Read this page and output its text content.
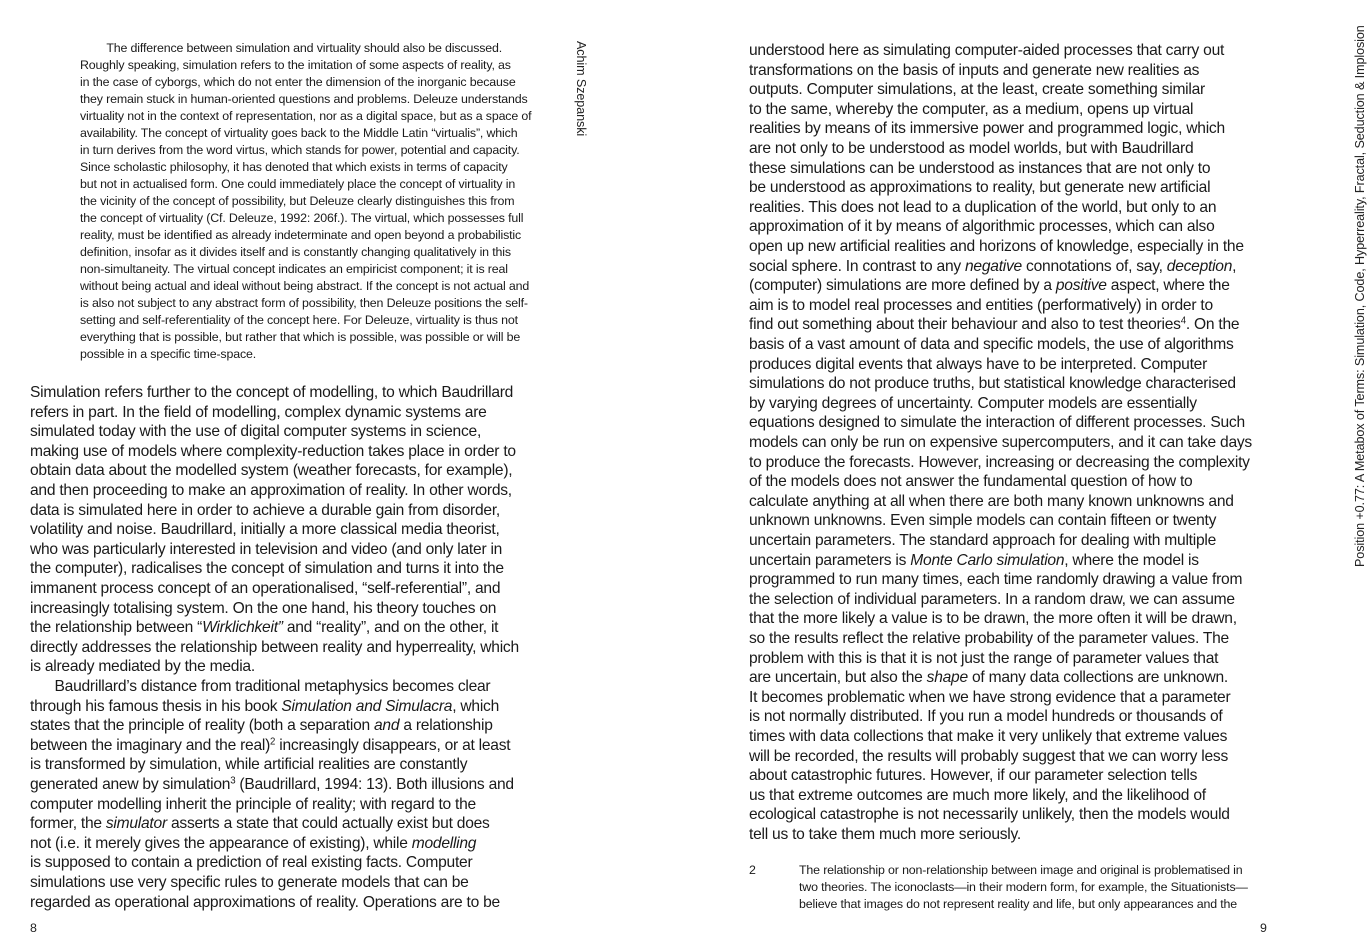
Achim Szepanski
The difference between simulation and virtuality should also be discussed.
Roughly speaking, simulation refers to the imitation of some aspects of reality, as
in the case of cyborgs, which do not enter the dimension of the inorganic because
they remain stuck in human-oriented questions and problems. Deleuze understands
virtuality not in the context of representation, nor as a digital space, but as a space of
availability. The concept of virtuality goes back to the Middle Latin “virtualis”, which
in turn derives from the word virtus, which stands for power, potential and capacity.
Since scholastic philosophy, it has denoted that which exists in terms of capacity
but not in actualised form. One could immediately place the concept of virtuality in
the vicinity of the concept of possibility, but Deleuze clearly distinguishes this from
the concept of virtuality (Cf. Deleuze, 1992: 206f.). The virtual, which possesses full
reality, must be identified as already indeterminate and open beyond a probabilistic
definition, insofar as it divides itself and is constantly changing qualitatively in this
non-simultaneity. The virtual concept indicates an empiricist component; it is real
without being actual and ideal without being abstract. If the concept is not actual and
is also not subject to any abstract form of possibility, then Deleuze positions the self-
setting and self-referentiality of the concept here. For Deleuze, virtuality is thus not
everything that is possible, but rather that which is possible, was possible or will be
possible in a specific time-space.
Simulation refers further to the concept of modelling, to which Baudrillard
refers in part. In the field of modelling, complex dynamic systems are
simulated today with the use of digital computer systems in science,
making use of models where complexity-reduction takes place in order to
obtain data about the modelled system (weather forecasts, for example),
and then proceeding to make an approximation of reality. In other words,
data is simulated here in order to achieve a durable gain from disorder,
volatility and noise. Baudrillard, initially a more classical media theorist,
who was particularly interested in television and video (and only later in
the computer), radicalises the concept of simulation and turns it into the
immanent process concept of an operationalised, “self-referential”, and
increasingly totalising system. On the one hand, his theory touches on
the relationship between “Wirklichkeit” and “reality”, and on the other, it
directly addresses the relationship between reality and hyperreality, which
is already mediated by the media.
Baudrillard’s distance from traditional metaphysics becomes clear
through his famous thesis in his book Simulation and Simulacra, which
states that the principle of reality (both a separation and a relationship
between the imaginary and the real)$^2$ increasingly disappears, or at least
is transformed by simulation, while artificial realities are constantly
generated anew by simulation$^3$ (Baudrillard, 1994: 13). Both illusions and
computer modelling inherit the principle of reality; with regard to the
former, the simulator asserts a state that could actually exist but does
not (i.e. it merely gives the appearance of existing), while modelling
is supposed to contain a prediction of real existing facts. Computer
simulations use very specific rules to generate models that can be
regarded as operational approximations of reality. Operations are to be
8
Position +0.77: A Metabox of Terms: Simulation, Code, Hyperreality, Fractal, Seduction & Implosion
understood here as simulating computer-aided processes that carry out
transformations on the basis of inputs and generate new realities as
outputs. Computer simulations, at the least, create something similar
to the same, whereby the computer, as a medium, opens up virtual
realities by means of its immersive power and programmed logic, which
are not only to be understood as model worlds, but with Baudrillard
these simulations can be understood as instances that are not only to
be understood as approximations to reality, but generate new artificial
realities. This does not lead to a duplication of the world, but only to an
approximation of it by means of algorithmic processes, which can also
open up new artificial realities and horizons of knowledge, especially in the
social sphere. In contrast to any negative connotations of, say, deception,
(computer) simulations are more defined by a positive aspect, where the
aim is to model real processes and entities (performatively) in order to
find out something about their behaviour and also to test theories$^4$. On the
basis of a vast amount of data and specific models, the use of algorithms
produces digital events that always have to be interpreted. Computer
simulations do not produce truths, but statistical knowledge characterised
by varying degrees of uncertainty. Computer models are essentially
equations designed to simulate the interaction of different processes. Such
models can only be run on expensive supercomputers, and it can take days
to produce the forecasts. However, increasing or decreasing the complexity
of the models does not answer the fundamental question of how to
calculate anything at all when there are both many known unknowns and
unknown unknowns. Even simple models can contain fifteen or twenty
uncertain parameters. The standard approach for dealing with multiple
uncertain parameters is Monte Carlo simulation, where the model is
programmed to run many times, each time randomly drawing a value from
the selection of individual parameters. In a random draw, we can assume
that the more likely a value is to be drawn, the more often it will be drawn,
so the results reflect the relative probability of the parameter values. The
problem with this is that it is not just the range of parameter values that
are uncertain, but also the shape of many data collections are unknown.
It becomes problematic when we have strong evidence that a parameter
is not normally distributed. If you run a model hundreds or thousands of
times with data collections that make it very unlikely that extreme values
will be recorded, the results will probably suggest that we can worry less
about catastrophic futures. However, if our parameter selection tells
us that extreme outcomes are much more likely, and the likelihood of
ecological catastrophe is not necessarily unlikely, then the models would
tell us to take them much more seriously.
2	The relationship or non-relationship between image and original is problematised in
two theories. The iconoclasts—in their modern form, for example, the Situationists—
believe that images do not represent reality and life, but only appearances and the
9
